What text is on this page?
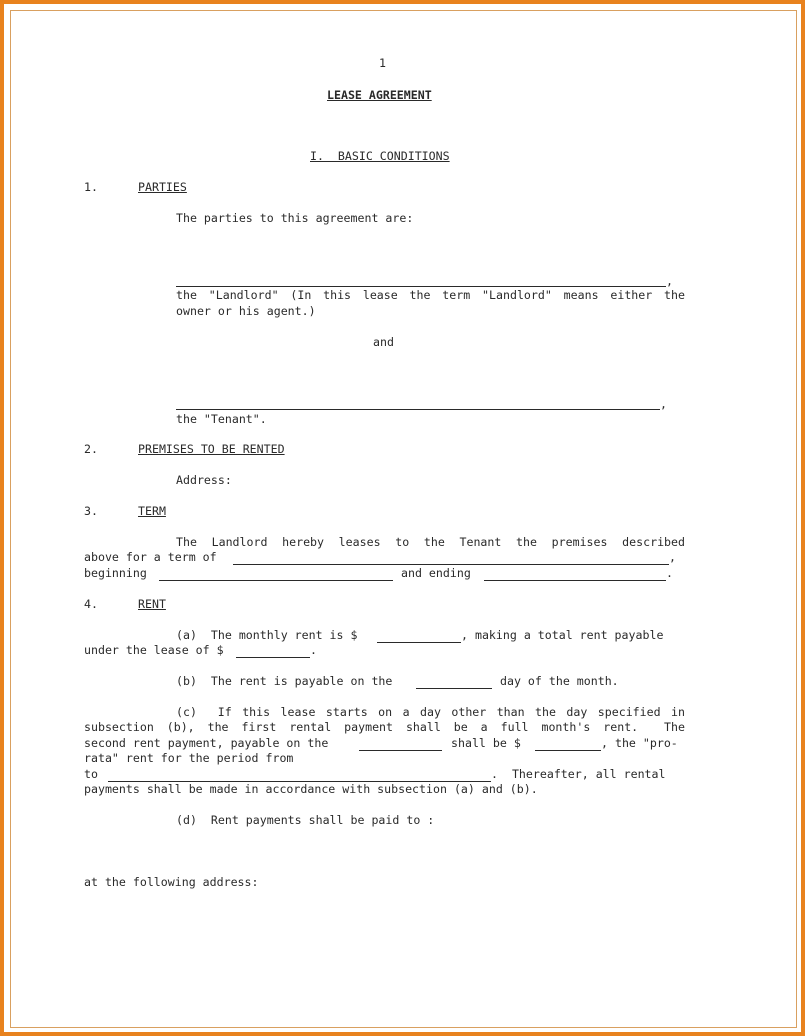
1
LEASE AGREEMENT
I.  BASIC CONDITIONS
1.	PARTIES
The parties to this agreement are:
,
the "Landlord" (In this lease the term "Landlord" means either the
owner or his agent.)
and
,
the "Tenant".
2.	PREMISES TO BE RENTED
Address:
3.	TERM
The Landlord hereby leases to the Tenant the premises described
above for a term of	,
beginning	and ending	.
4.	RENT
(a)  The monthly rent is $	, making a total rent payable
under the lease of $	.
(b)  The rent is payable on the	day of the month.
(c)  If this lease starts on a day other than the day specified in
subsection (b), the first rental payment shall be a full month's rent.  The
second rent payment, payable on the	shall be $	, the "pro-
rata" rent for the period from
to	.  Thereafter, all rental
payments shall be made in accordance with subsection (a) and (b).
(d)  Rent payments shall be paid to :
at the following address:
